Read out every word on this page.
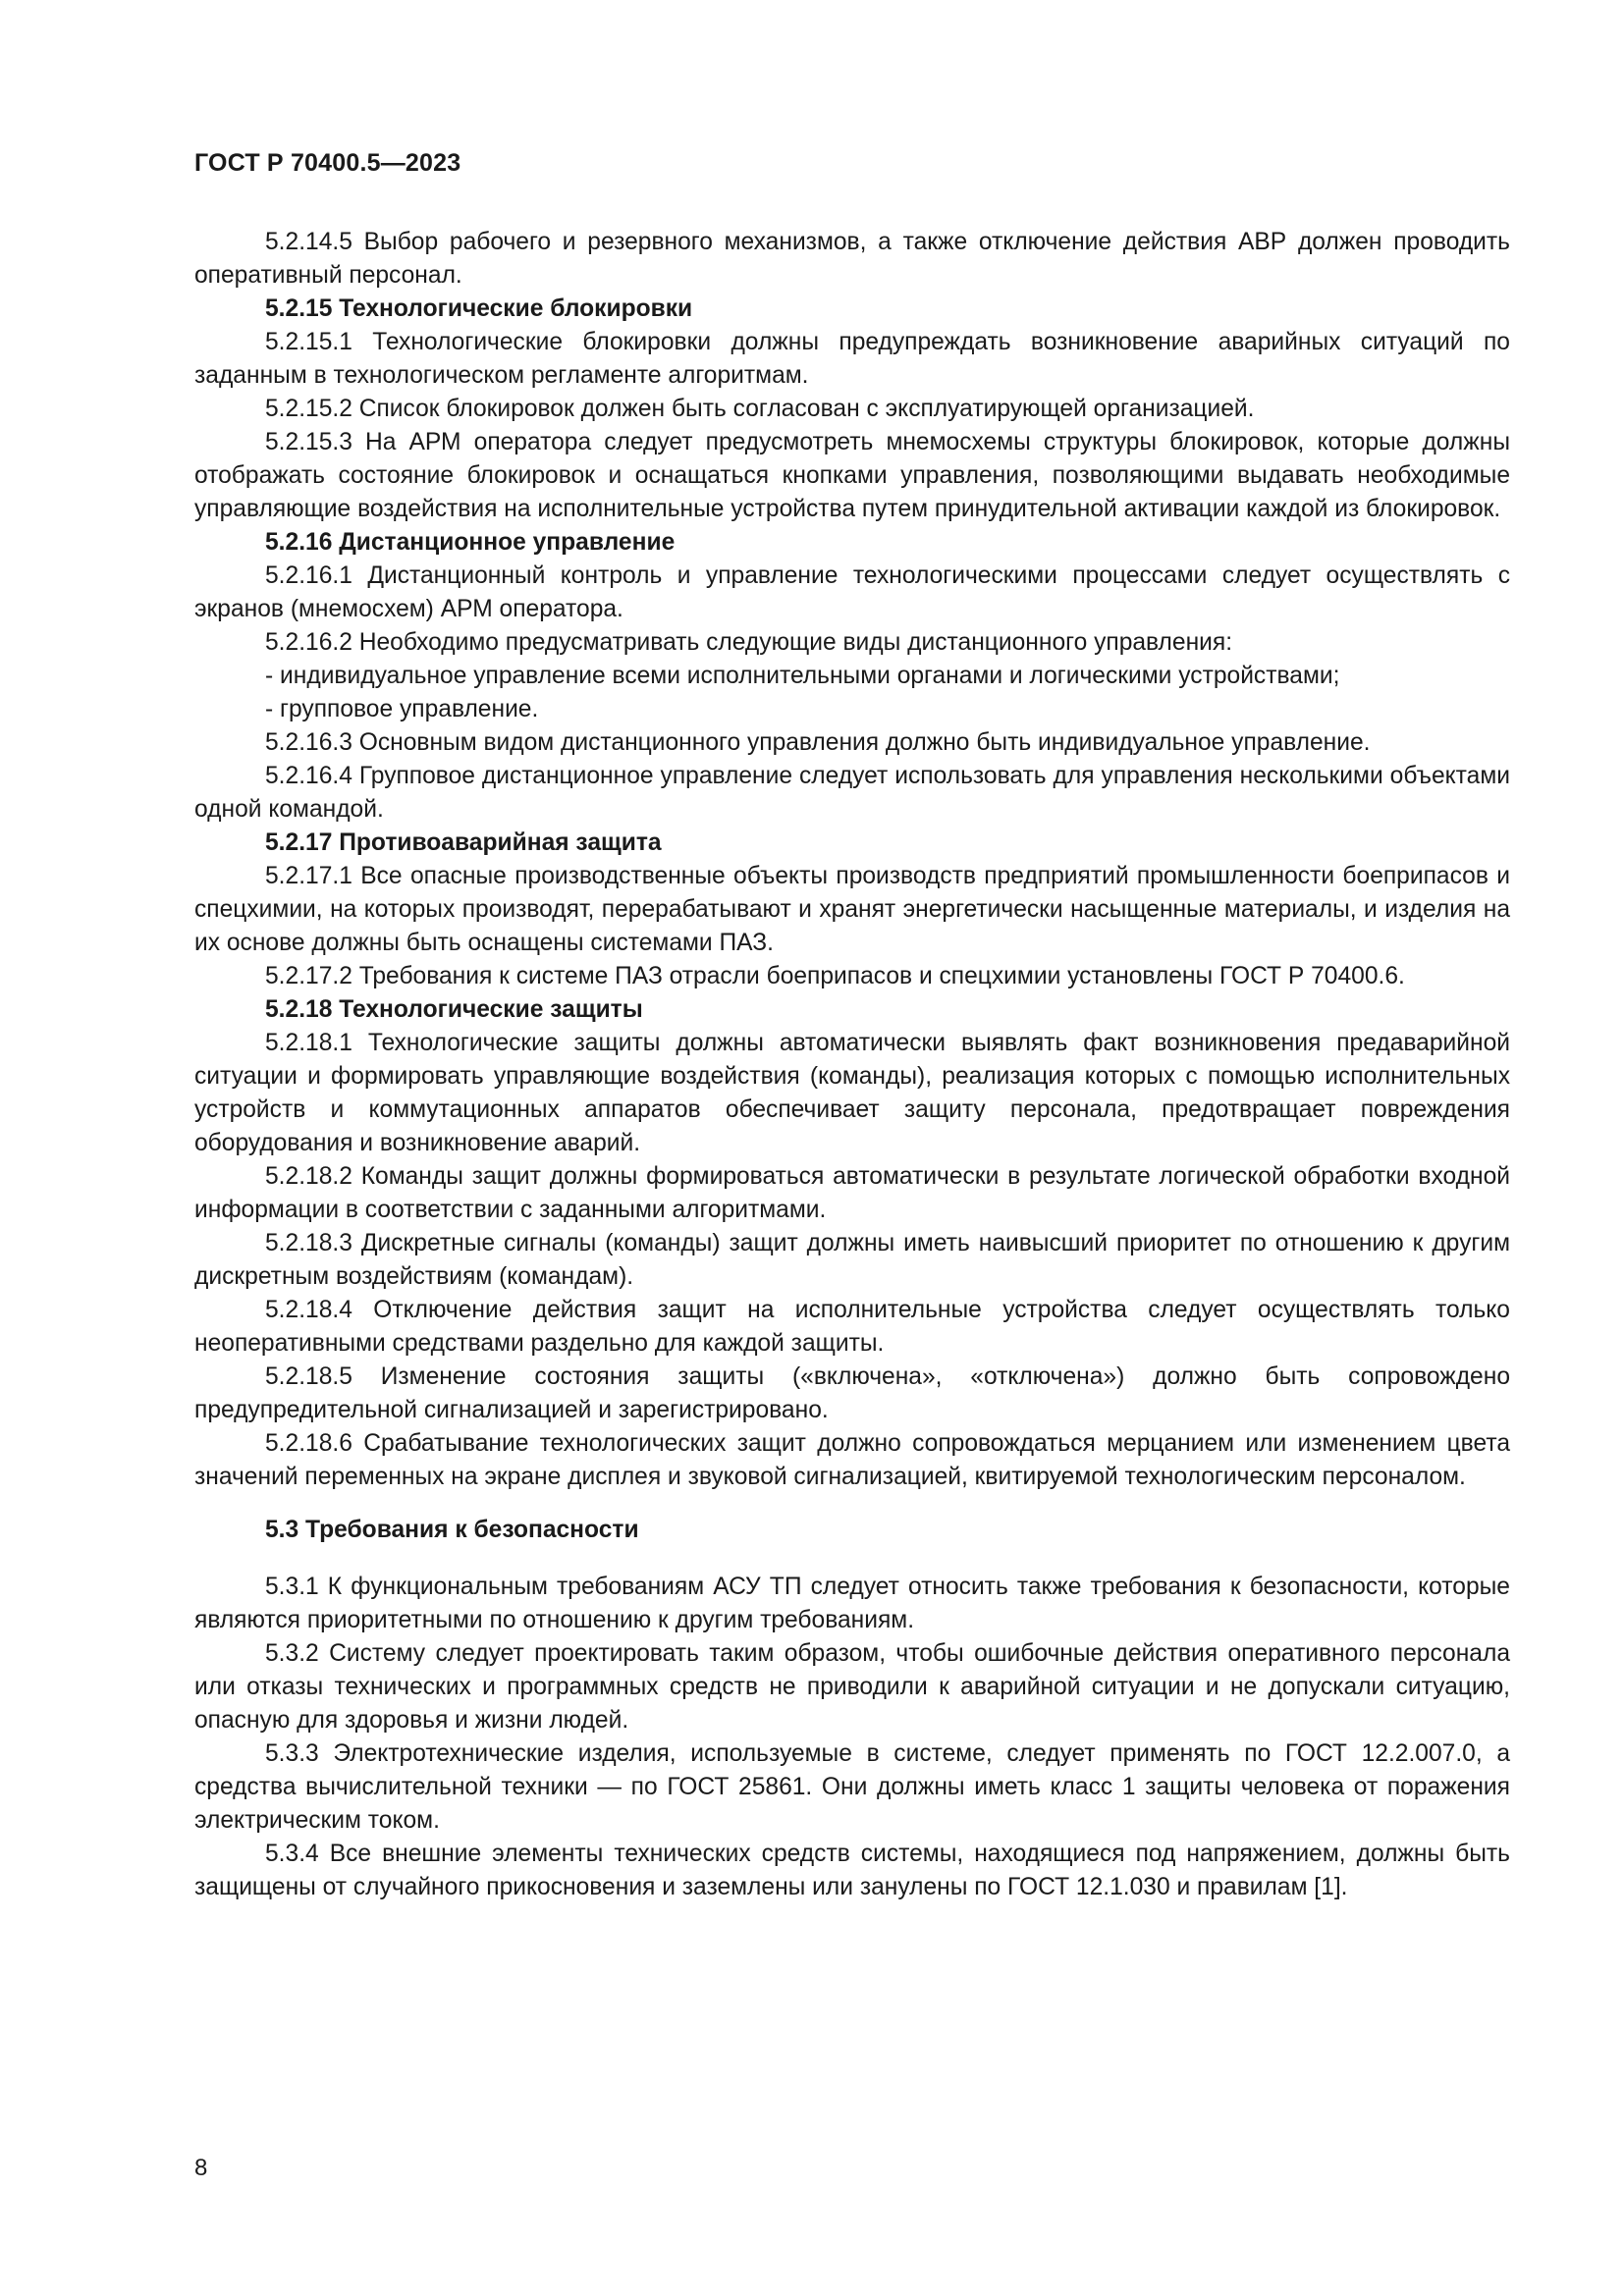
ГОСТ Р 70400.5—2023

5.2.14.5 Выбор рабочего и резервного механизмов, а также отключение действия АВР должен проводить оперативный персонал.

5.2.15 Технологические блокировки

5.2.15.1 Технологические блокировки должны предупреждать возникновение аварийных ситуаций по заданным в технологическом регламенте алгоритмам.

5.2.15.2 Список блокировок должен быть согласован с эксплуатирующей организацией.

5.2.15.3 На АРМ оператора следует предусмотреть мнемосхемы структуры блокировок, которые должны отображать состояние блокировок и оснащаться кнопками управления, позволяющими выдавать необходимые управляющие воздействия на исполнительные устройства путем принудительной активации каждой из блокировок.

5.2.16 Дистанционное управление

5.2.16.1 Дистанционный контроль и управление технологическими процессами следует осуществлять с экранов (мнемосхем) АРМ оператора.

5.2.16.2 Необходимо предусматривать следующие виды дистанционного управления:

- индивидуальное управление всеми исполнительными органами и логическими устройствами;

- групповое управление.

5.2.16.3 Основным видом дистанционного управления должно быть индивидуальное управление.

5.2.16.4 Групповое дистанционное управление следует использовать для управления несколькими объектами одной командой.

5.2.17 Противоаварийная защита

5.2.17.1 Все опасные производственные объекты производств предприятий промышленности боеприпасов и спецхимии, на которых производят, перерабатывают и хранят энергетически насыщенные материалы, и изделия на их основе должны быть оснащены системами ПАЗ.

5.2.17.2 Требования к системе ПАЗ отрасли боеприпасов и спецхимии установлены ГОСТ Р 70400.6.

5.2.18 Технологические защиты

5.2.18.1 Технологические защиты должны автоматически выявлять факт возникновения предаварийной ситуации и формировать управляющие воздействия (команды), реализация которых с помощью исполнительных устройств и коммутационных аппаратов обеспечивает защиту персонала, предотвращает повреждения оборудования и возникновение аварий.

5.2.18.2 Команды защит должны формироваться автоматически в результате логической обработки входной информации в соответствии с заданными алгоритмами.

5.2.18.3 Дискретные сигналы (команды) защит должны иметь наивысший приоритет по отношению к другим дискретным воздействиям (командам).

5.2.18.4 Отключение действия защит на исполнительные устройства следует осуществлять только неоперативными средствами раздельно для каждой защиты.

5.2.18.5 Изменение состояния защиты («включена», «отключена») должно быть сопровождено предупредительной сигнализацией и зарегистрировано.

5.2.18.6 Срабатывание технологических защит должно сопровождаться мерцанием или изменением цвета значений переменных на экране дисплея и звуковой сигнализацией, квитируемой технологическим персоналом.

5.3 Требования к безопасности

5.3.1 К функциональным требованиям АСУ ТП следует относить также требования к безопасности, которые являются приоритетными по отношению к другим требованиям.

5.3.2 Систему следует проектировать таким образом, чтобы ошибочные действия оперативного персонала или отказы технических и программных средств не приводили к аварийной ситуации и не допускали ситуацию, опасную для здоровья и жизни людей.

5.3.3 Электротехнические изделия, используемые в системе, следует применять по ГОСТ 12.2.007.0, а средства вычислительной техники — по ГОСТ 25861. Они должны иметь класс 1 защиты человека от поражения электрическим током.

5.3.4 Все внешние элементы технических средств системы, находящиеся под напряжением, должны быть защищены от случайного прикосновения и заземлены или занулены по ГОСТ 12.1.030 и правилам [1].

8
